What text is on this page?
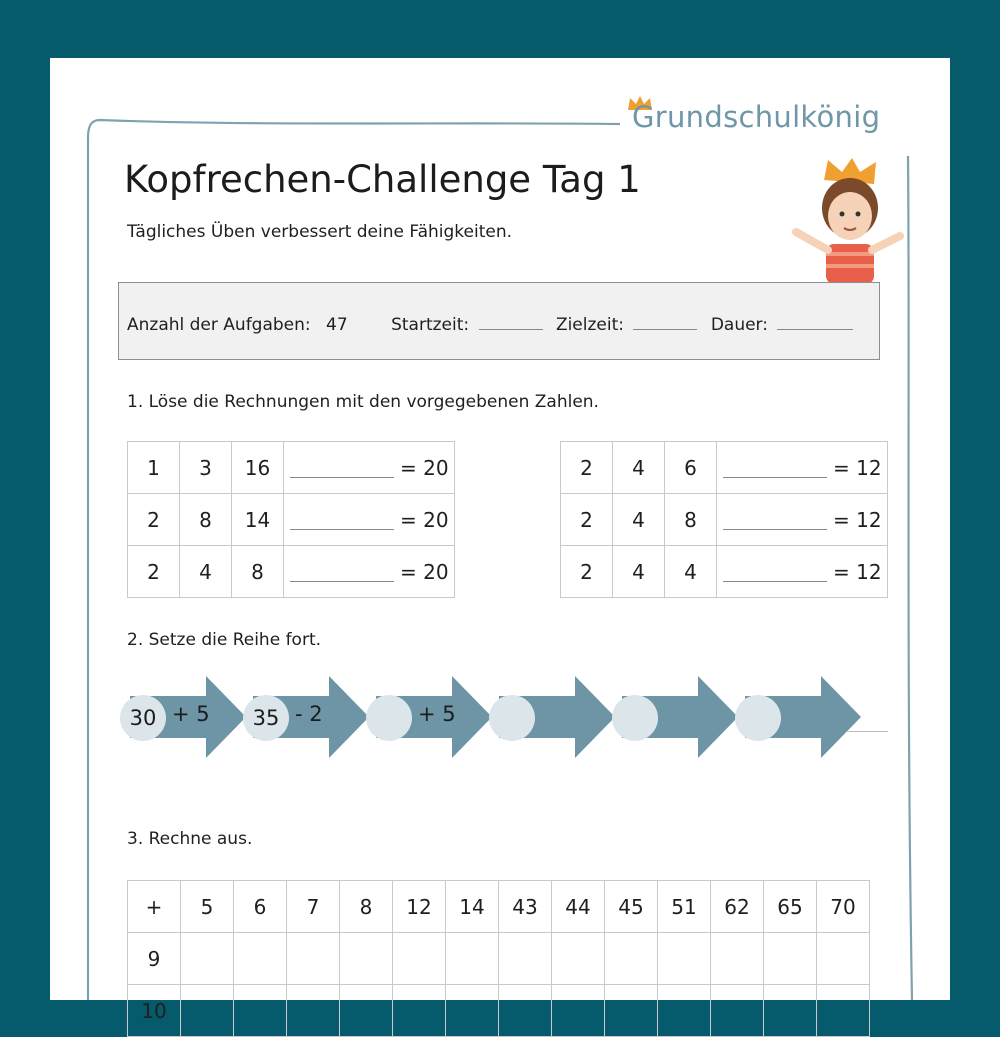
Grundschulkönig
Kopfrechen-Challenge Tag 1
Tägliches Üben verbessert deine Fähigkeiten.
Anzahl der Aufgaben: 47	Startzeit:	Zielzeit:	Dauer:
1. Löse die Rechnungen mit den vorgegebenen Zahlen.
1	3	16	= 20
2	8	14	= 20
2	4	8	= 20
2	4	6	= 12
2	4	8	= 12
2	4	4	= 12
2. Setze die Reihe fort.
30	35
+ 5	- 2	+ 5
3. Rechne aus.
+	5	6	7	8	12	14	43	44	45	51	62	65	70
9													
10													
